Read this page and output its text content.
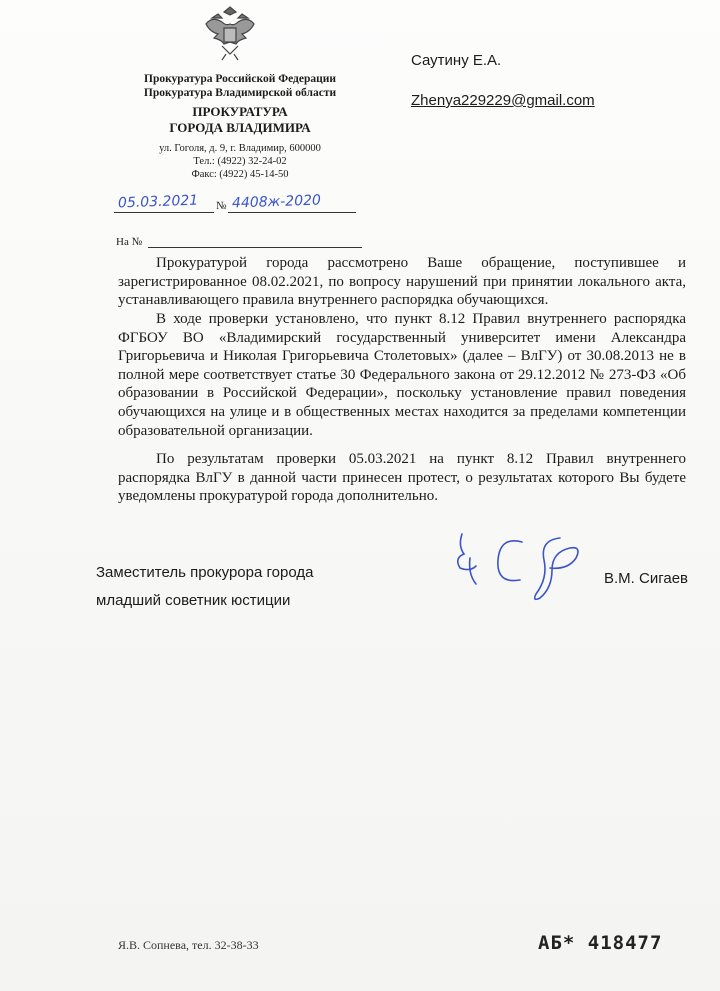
Прокуратура Российской Федерации
Прокуратура Владимирской области
ПРОКУРАТУРА
ГОРОДА ВЛАДИМИРА
ул. Гоголя, д. 9, г. Владимир, 600000
Тел.: (4922) 32-24-02
Факс: (4922) 45-14-50
Саутину Е.А.
Zhenya229229@gmail.com
05.03.2021 № 4408ж-2020
На №
Прокуратурой города рассмотрено Ваше обращение, поступившее и зарегистрированное 08.02.2021, по вопросу нарушений при принятии локального акта, устанавливающего правила внутреннего распорядка обучающихся.
В ходе проверки установлено, что пункт 8.12 Правил внутреннего распорядка ФГБОУ ВО «Владимирский государственный университет имени Александра Григорьевича и Николая Григорьевича Столетовых» (далее – ВлГУ) от 30.08.2013 не в полной мере соответствует статье 30 Федерального закона от 29.12.2012 № 273-ФЗ «Об образовании в Российской Федерации», поскольку установление правил поведения обучающихся на улице и в общественных местах находится за пределами компетенции образовательной организации.
По результатам проверки 05.03.2021 на пункт 8.12 Правил внутреннего распорядка ВлГУ в данной части принесен протест, о результатах которого Вы будете уведомлены прокуратурой города дополнительно.
Заместитель прокурора города
младший советник юстиции
В.М. Сигаев
Я.В. Сопнева, тел. 32-38-33	АБ* 418477
